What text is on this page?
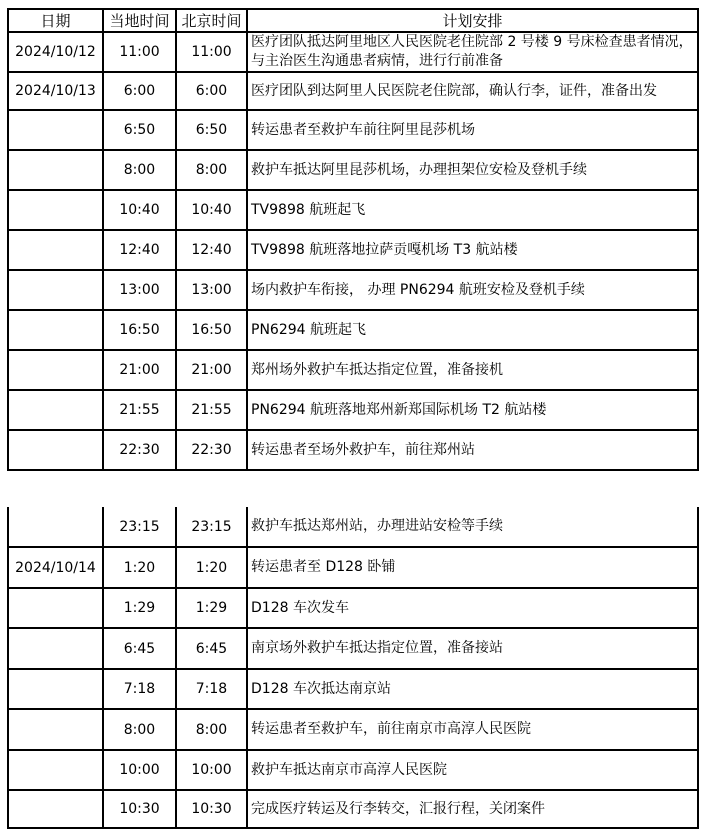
日期	当地时间	北京时间	计划安排
2024/10/12	11:00	11:00	医疗团队抵达阿里地区人民医院老住院部 2 号楼 9 号床检查患者情况，与主治医生沟通患者病情，进行行前准备
2024/10/13	6:00	6:00	医疗团队到达阿里人民医院老住院部，确认行李，证件，准备出发
	6:50	6:50	转运患者至救护车前往阿里昆莎机场
	8:00	8:00	救护车抵达阿里昆莎机场，办理担架位安检及登机手续
	10:40	10:40	TV9898 航班起飞
	12:40	12:40	TV9898 航班落地拉萨贡嘎机场 T3 航站楼
	13:00	13:00	场内救护车衔接， 办理 PN6294 航班安检及登机手续
	16:50	16:50	PN6294 航班起飞
	21:00	21:00	郑州场外救护车抵达指定位置，准备接机
	21:55	21:55	PN6294 航班落地郑州新郑国际机场 T2 航站楼
	22:30	22:30	转运患者至场外救护车，前往郑州站
	23:15	23:15	救护车抵达郑州站，办理进站安检等手续
2024/10/14	1:20	1:20	转运患者至 D128 卧铺
	1:29	1:29	D128 车次发车
	6:45	6:45	南京场外救护车抵达指定位置，准备接站
	7:18	7:18	D128 车次抵达南京站
	8:00	8:00	转运患者至救护车，前往南京市高淳人民医院
	10:00	10:00	救护车抵达南京市高淳人民医院
	10:30	10:30	完成医疗转运及行李转交，汇报行程，关闭案件
